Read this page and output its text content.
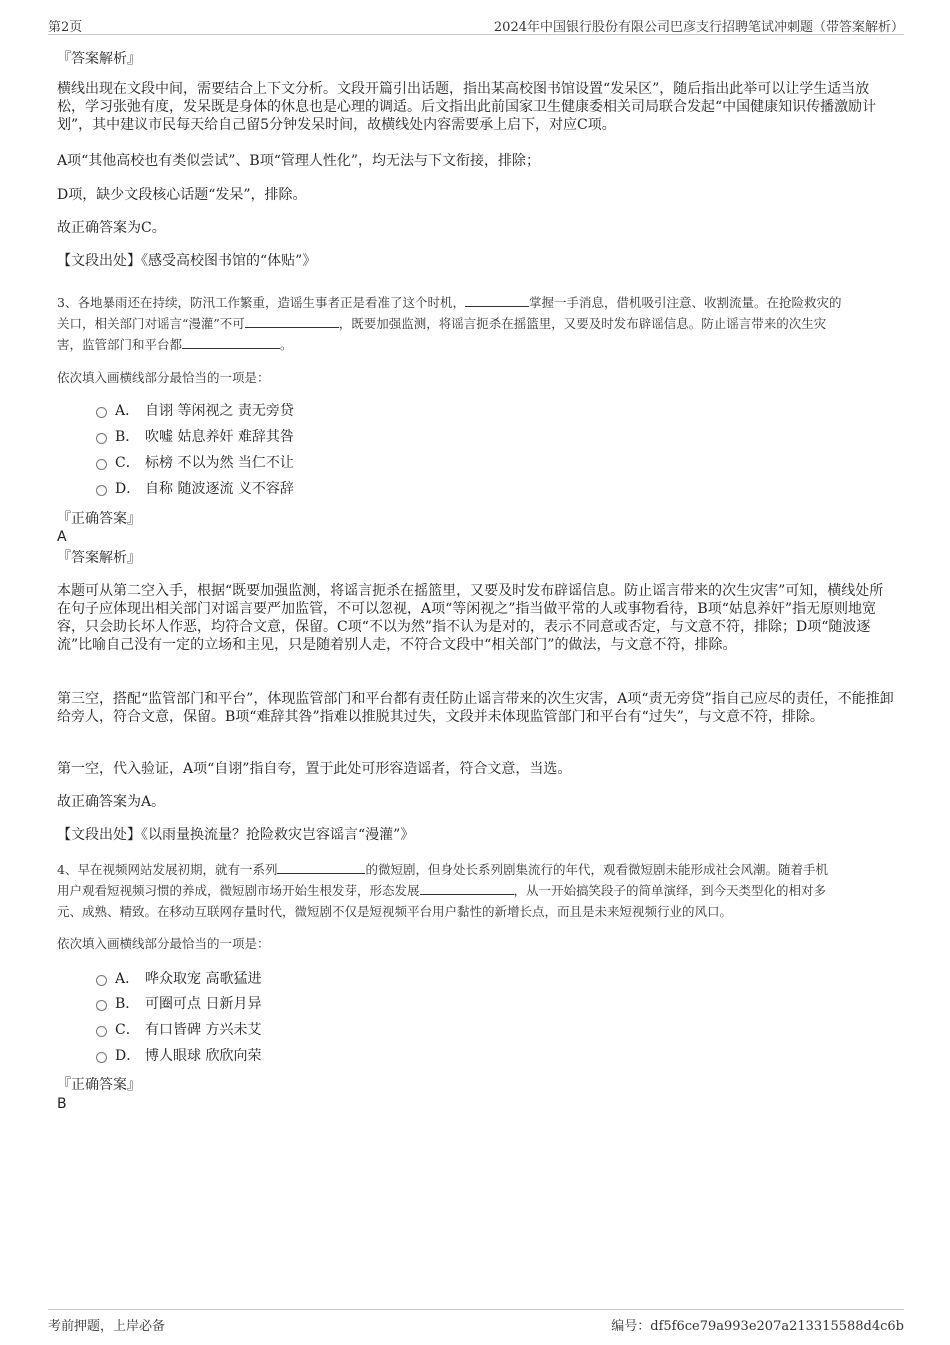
第2页	2024年中国银行股份有限公司巴彦支行招聘笔试冲刺题（带答案解析）

『答案解析』

横线出现在文段中间，需要结合上下文分析。文段开篇引出话题，指出某高校图书馆设置“发呆区”，随后指出此举可以让学生适当放松，学习张弛有度，发呆既是身体的休息也是心理的调适。后文指出此前国家卫生健康委相关司局联合发起“中国健康知识传播激励计划”，其中建议市民每天给自己留5分钟发呆时间，故横线处内容需要承上启下，对应C项。

A项“其他高校也有类似尝试”、B项“管理人性化”，均无法与下文衔接，排除；

D项，缺少文段核心话题“发呆”，排除。

故正确答案为C。

【文段出处】《感受高校图书馆的“体贴”》

3、各地暴雨还在持续，防汛工作繁重，造谣生事者正是看准了这个时机，	掌握一手消息，借机吸引注意、收割流量。在抢险救灾的
关口，相关部门对谣言“漫灌”不可	，既要加强监测，将谣言扼杀在摇篮里，又要及时发布辟谣信息。防止谣言带来的次生灾
害，监管部门和平台都	。

依次填入画横线部分最恰当的一项是：

A． 自诩 等闲视之 责无旁贷
B． 吹嘘 姑息养奸 难辞其咎
C． 标榜 不以为然 当仁不让
D． 自称 随波逐流 义不容辞

『正确答案』

A

『答案解析』

本题可从第二空入手，根据“既要加强监测，将谣言扼杀在摇篮里，又要及时发布辟谣信息。防止谣言带来的次生灾害”可知，横线处所在句子应体现出相关部门对谣言要严加监管，不可以忽视，A项“等闲视之”指当做平常的人或事物看待，B项“姑息养奸”指无原则地宽容，只会助长坏人作恶，均符合文意，保留。C项“不以为然”指不认为是对的，表示不同意或否定，与文意不符，排除；D项“随波逐流”比喻自己没有一定的立场和主见，只是随着别人走，不符合文段中“相关部门”的做法，与文意不符，排除。

第三空，搭配“监管部门和平台”，体现监管部门和平台都有责任防止谣言带来的次生灾害，A项“责无旁贷”指自己应尽的责任，不能推卸给旁人，符合文意，保留。B项“难辞其咎”指难以推脱其过失，文段并未体现监管部门和平台有“过失”，与文意不符，排除。

第一空，代入验证，A项“自诩”指自夸，置于此处可形容造谣者，符合文意，当选。

故正确答案为A。

【文段出处】《以雨量换流量？抢险救灾岂容谣言“漫灌”》

4、早在视频网站发展初期，就有一系列	的微短剧，但身处长系列剧集流行的年代，观看微短剧未能形成社会风潮。随着手机
用户观看短视频习惯的养成，微短剧市场开始生根发芽，形态发展	，从一开始搞笑段子的简单演绎，到今天类型化的相对多
元、成熟、精致。在移动互联网存量时代，微短剧不仅是短视频平台用户黏性的新增长点，而且是未来短视频行业的风口。

依次填入画横线部分最恰当的一项是：

A． 哗众取宠 高歌猛进
B． 可圈可点 日新月异
C． 有口皆碑 方兴未艾
D． 博人眼球 欣欣向荣

『正确答案』

B

考前押题，上岸必备	编号：df5f6ce79a993e207a213315588d4c6b
